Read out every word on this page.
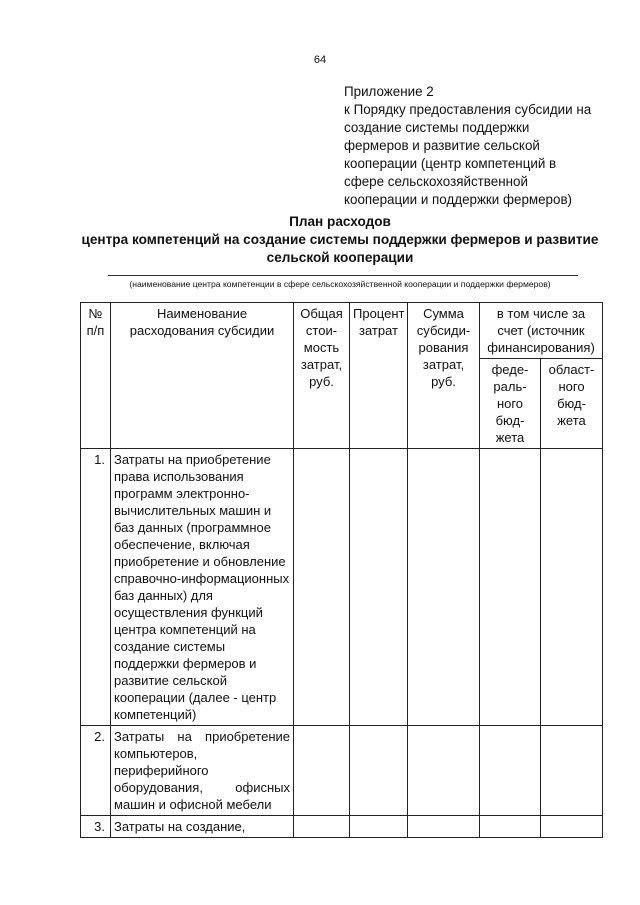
64
Приложение 2
к Порядку предоставления субсидии на
создание системы поддержки
фермеров и развитие сельской
кооперации (центр компетенций в
сфере сельскохозяйственной
кооперации и поддержки фермеров)
План расходов
центра компетенций на создание системы поддержки фермеров и развитие
сельской кооперации
(наименование центра компетенции в сфере сельскохозяйственной кооперации и поддержки фермеров)
№ п/п	Наименование расходования субсидии	Общая стои- мость затрат, руб.	Процент затрат	Сумма субсиди- рования затрат, руб.	в том числе за счет (источник финансирования)	
					феде- раль- ного бюд- жета	област- ного бюд- жета
1.	Затраты на приобретение права использования программ электронно-вычислительных машин и баз данных (программное обеспечение, включая приобретение и обновление справочно-информационных баз данных) для осуществления функций центра компетенций на создание системы поддержки фермеров и развитие сельской кооперации (далее - центр компетенций)					
2.	Затраты на приобретение компьютеров, периферийного оборудования, офисных машин и офисной мебели					
3.	Затраты на создание,					
